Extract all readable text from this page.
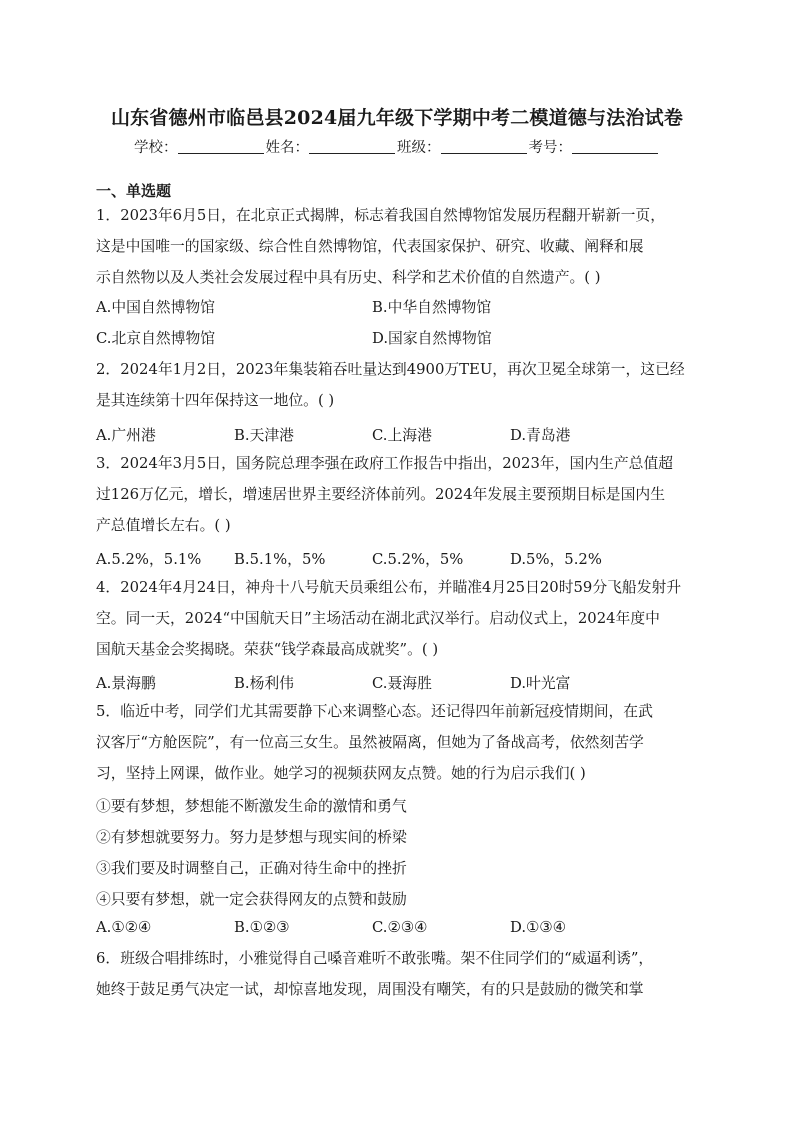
山东省德州市临邑县2024届九年级下学期中考二模道德与法治试卷
学校：	姓名：	班级：	考号：
一、单选题

1．2023年6月5日，在北京正式揭牌，标志着我国自然博物馆发展历程翻开崭新一页，

这是中国唯一的国家级、综合性自然博物馆，代表国家保护、研究、收藏、阐释和展

示自然物以及人类社会发展过程中具有历史、科学和艺术价值的自然遗产。( )

A.中国自然博物馆	B.中华自然博物馆
C.北京自然博物馆	D.国家自然博物馆

2．2024年1月2日，2023年集装箱吞吐量达到4900万TEU，再次卫冕全球第一，这已经

是其连续第十四年保持这一地位。( )

A.广州港	B.天津港	C.上海港	D.青岛港

3．2024年3月5日，国务院总理李强在政府工作报告中指出，2023年，国内生产总值超

过126万亿元，增长，增速居世界主要经济体前列。2024年发展主要预期目标是国内生

产总值增长左右。( )

A.5.2%，5.1%	B.5.1%，5%	C.5.2%，5%	D.5%，5.2%

4．2024年4月24日，神舟十八号航天员乘组公布，并瞄准4月25日20时59分飞船发射升

空。同一天，2024“中国航天日”主场活动在湖北武汉举行。启动仪式上，2024年度中

国航天基金会奖揭晓。荣获“钱学森最高成就奖”。( )

A.景海鹏	B.杨利伟	C.聂海胜	D.叶光富

5．临近中考，同学们尤其需要静下心来调整心态。还记得四年前新冠疫情期间，在武

汉客厅“方舱医院”，有一位高三女生。虽然被隔离，但她为了备战高考，依然刻苦学

习，坚持上网课，做作业。她学习的视频获网友点赞。她的行为启示我们( )

①要有梦想，梦想能不断激发生命的激情和勇气
②有梦想就要努力。努力是梦想与现实间的桥梁
③我们要及时调整自己，正确对待生命中的挫折
④只要有梦想，就一定会获得网友的点赞和鼓励
A.①②④	B.①②③	C.②③④	D.①③④

6．班级合唱排练时，小雅觉得自己嗓音难听不敢张嘴。架不住同学们的“威逼利诱”，

她终于鼓足勇气决定一试，却惊喜地发现，周围没有嘲笑，有的只是鼓励的微笑和掌
